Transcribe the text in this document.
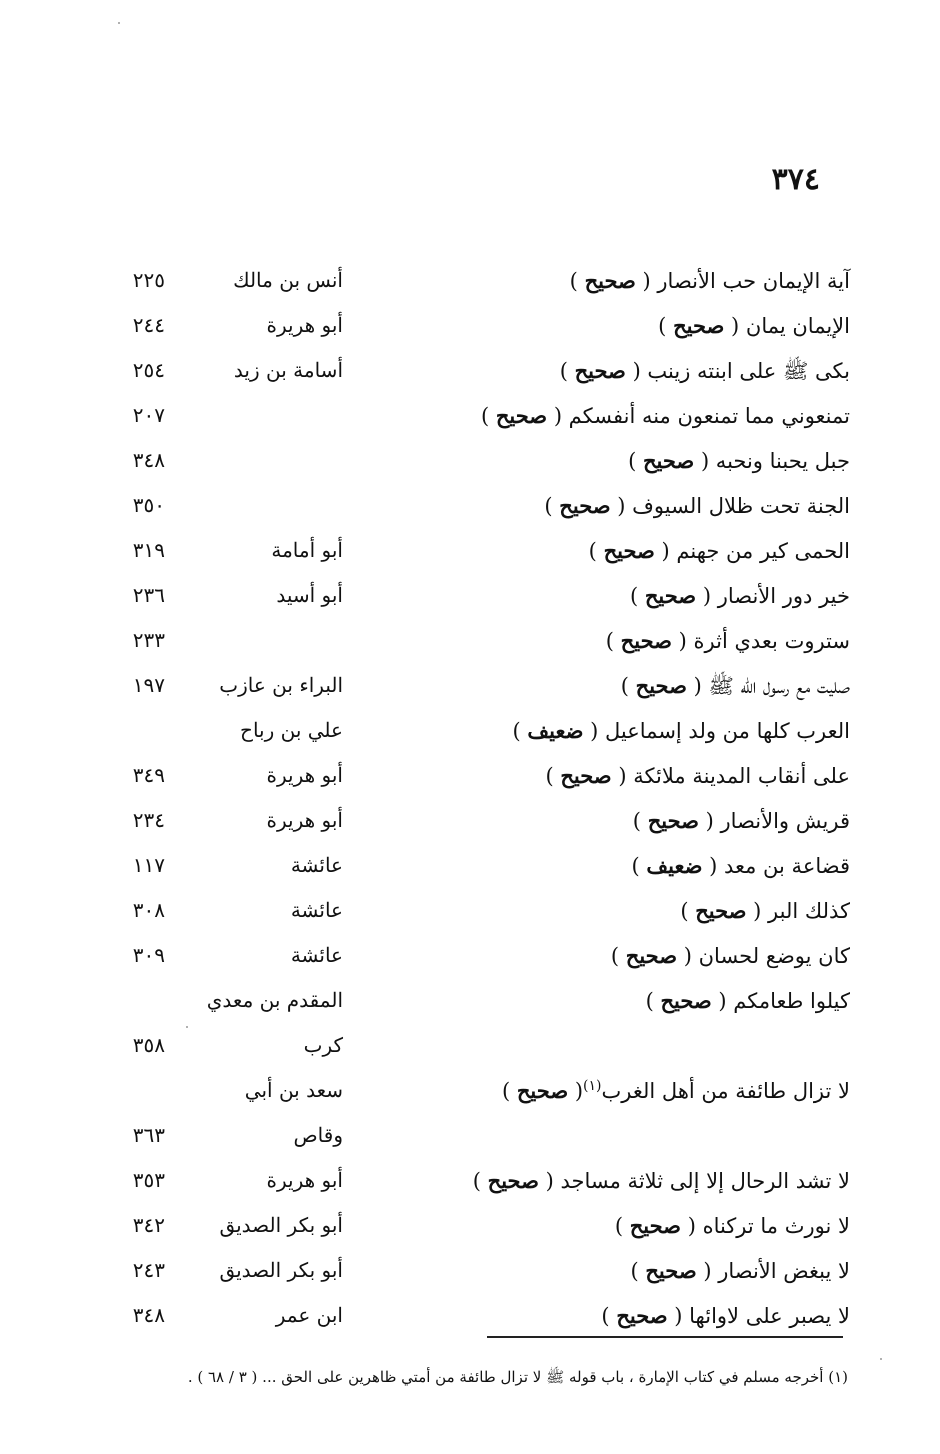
٣٧٤
آية الإيمان حب الأنصار ( صحيح )
أنس بن مالك
٢٢٥
الإيمان يمان ( صحيح )
أبو هريرة
٢٤٤
بكى ﷺ على ابنته زينب ( صحيح )
أسامة بن زيد
٢٥٤
تمنعوني مما تمنعون منه أنفسكم ( صحيح )
٢٠٧
جبل يحبنا ونحبه ( صحيح )
٣٤٨
الجنة تحت ظلال السيوف ( صحيح )
٣٥٠
الحمى كير من جهنم ( صحيح )
أبو أمامة
٣١٩
خير دور الأنصار ( صحيح )
أبو أسيد
٢٣٦
ستروت بعدي أثرة ( صحيح )
٢٣٣
صليت مع رسول الله ﷺ ( صحيح )
البراء بن عازب
١٩٧
العرب كلها من ولد إسماعيل ( ضعيف )
علي بن رباح
على أنقاب المدينة ملائكة ( صحيح )
أبو هريرة
٣٤٩
قريش والأنصار ( صحيح )
أبو هريرة
٢٣٤
قضاعة بن معد ( ضعيف )
عائشة
١١٧
كذلك البر ( صحيح )
عائشة
٣٠٨
كان يوضع لحسان ( صحيح )
عائشة
٣٠٩
كيلوا طعامكم ( صحيح )
المقدم بن معدي
كرب
٣٥٨
لا تزال طائفة من أهل الغرب$^{(١)}$( صحيح )
سعد بن أبي
وقاص
٣٦٣
لا تشد الرحال إلا إلى ثلاثة مساجد ( صحيح )
أبو هريرة
٣٥٣
لا نورث ما تركناه ( صحيح )
أبو بكر الصديق
٣٤٢
لا يبغض الأنصار ( صحيح )
أبو بكر الصديق
٢٤٣
لا يصبر على لاوائها ( صحيح )
ابن عمر
٣٤٨
(١) أخرجه مسلم في كتاب الإمارة ، باب قوله ﷺ لا تزال طائفة من أمتي ظاهرين على الحق ... ( ٣ / ٦٨ ) .
